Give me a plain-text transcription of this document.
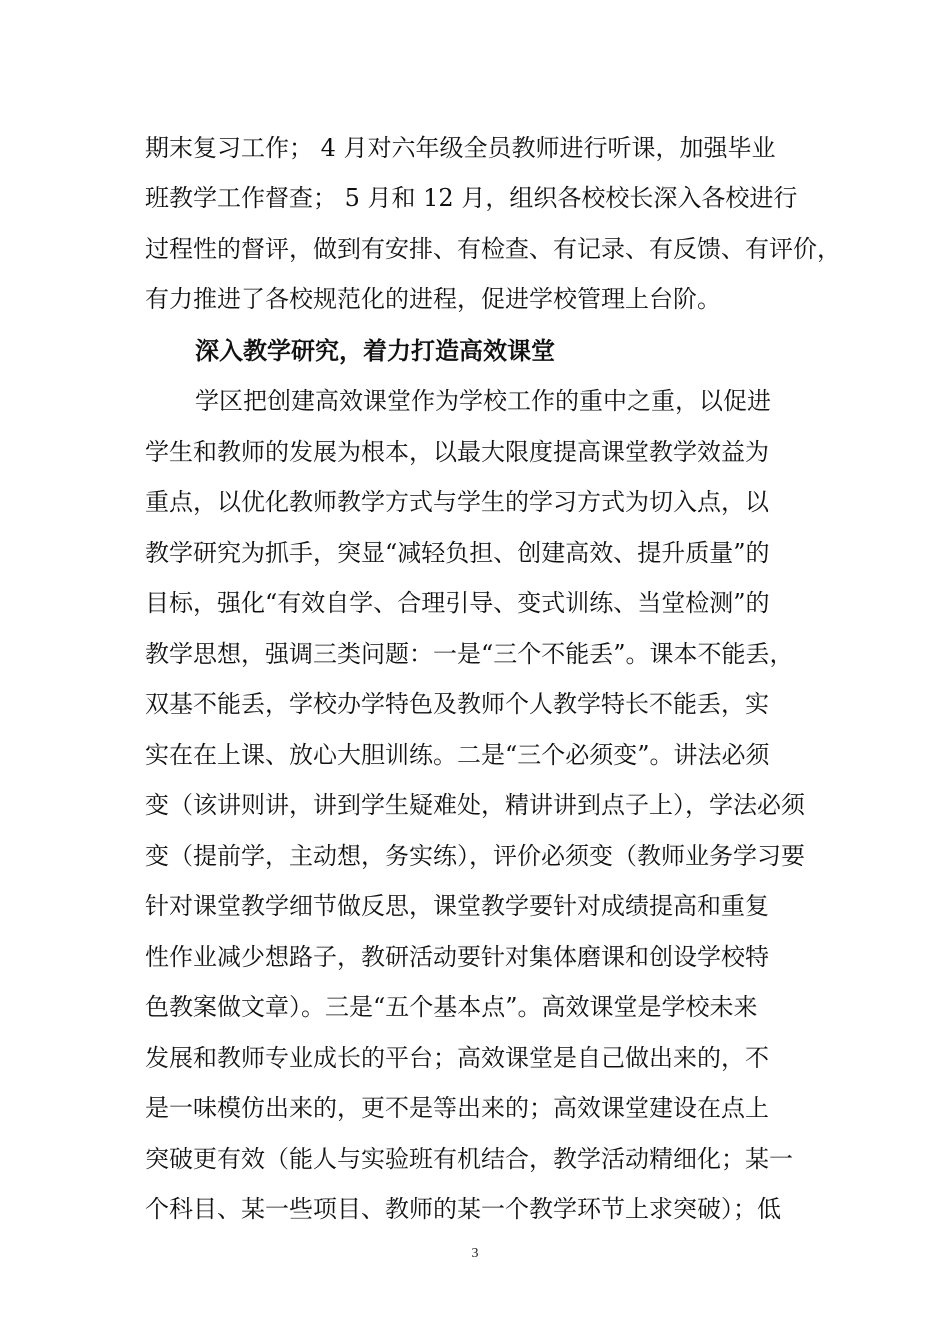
期末复习工作； 4 月对六年级全员教师进行听课，加强毕业
班教学工作督查； 5 月和 12 月，组织各校校长深入各校进行
过程性的督评，做到有安排、有检查、有记录、有反馈、有评价，
有力推进了各校规范化的进程，促进学校管理上台阶。
深入教学研究，着力打造高效课堂
学区把创建高效课堂作为学校工作的重中之重，以促进
学生和教师的发展为根本，以最大限度提高课堂教学效益为
重点，以优化教师教学方式与学生的学习方式为切入点，以
教学研究为抓手，突显“减轻负担、创建高效、提升质量”的
目标，强化“有效自学、合理引导、变式训练、当堂检测”的
教学思想，强调三类问题：一是“三个不能丢”。课本不能丢，
双基不能丢，学校办学特色及教师个人教学特长不能丢，实
实在在上课、放心大胆训练。二是“三个必须变”。讲法必须
变（该讲则讲，讲到学生疑难处，精讲讲到点子上），学法必须
变（提前学，主动想，务实练），评价必须变（教师业务学习要
针对课堂教学细节做反思，课堂教学要针对成绩提高和重复
性作业减少想路子，教研活动要针对集体磨课和创设学校特
色教案做文章）。三是“五个基本点”。高效课堂是学校未来
发展和教师专业成长的平台；高效课堂是自己做出来的，不
是一味模仿出来的，更不是等出来的；高效课堂建设在点上
突破更有效（能人与实验班有机结合，教学活动精细化；某一
个科目、某一些项目、教师的某一个教学环节上求突破）；低
3
